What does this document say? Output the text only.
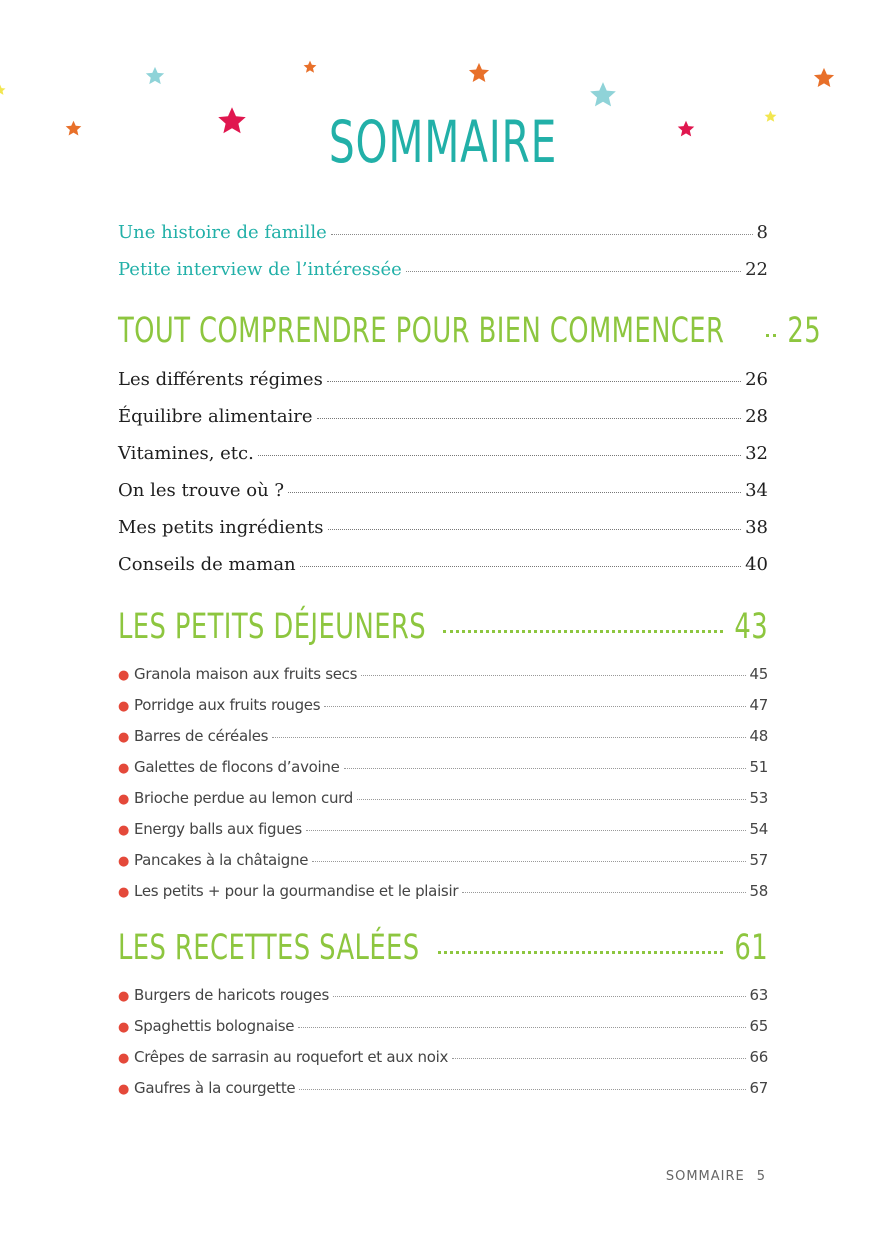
SOMMAIRE
Une histoire de famille	8
Petite interview de l’intéressée	22
TOUT COMPRENDRE POUR BIEN COMMENCER 25
Les différents régimes	26
Équilibre alimentaire	28
Vitamines, etc.	32
On les trouve où ?	34
Mes petits ingrédients	38
Conseils de maman	40
LES PETITS DÉJEUNERS	43
● Granola maison aux fruits secs	45
● Porridge aux fruits rouges	47
● Barres de céréales	48
● Galettes de flocons d’avoine	51
● Brioche perdue au lemon curd	53
● Energy balls aux figues	54
● Pancakes à la châtaigne	57
● Les petits + pour la gourmandise et le plaisir	58
LES RECETTES SALÉES	61
● Burgers de haricots rouges	63
● Spaghettis bolognaise	65
● Crêpes de sarrasin au roquefort et aux noix	66
● Gaufres à la courgette	67
SOMMAIRE 5
